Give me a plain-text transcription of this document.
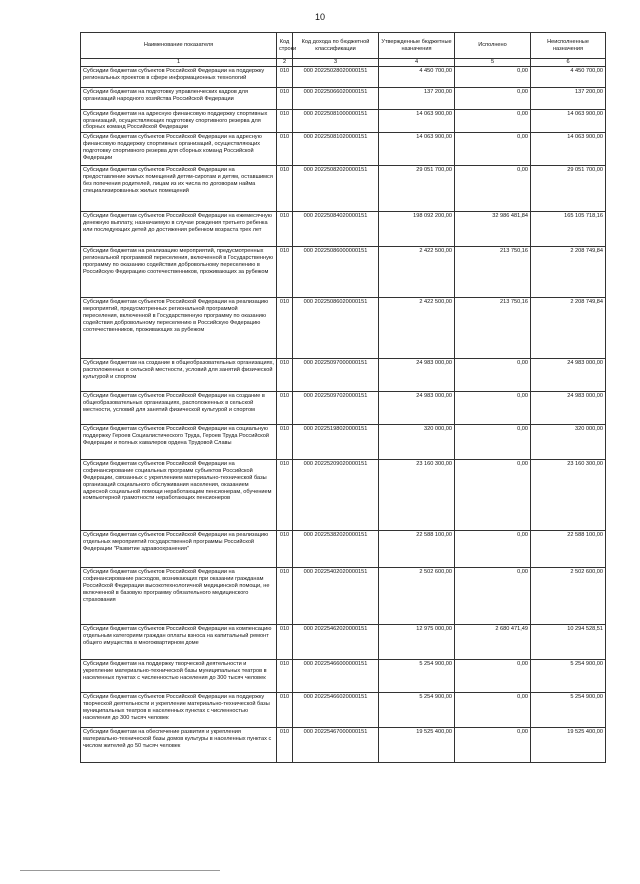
10
Наименование показателя	Код строки	Код дохода по бюджетной классификации	Утвержденные бюджетные назначения	Исполнено	Неисполненные назначения
1	2	3	4	5	6
Субсидии бюджетам субъектов Российской Федерации на поддержку региональных проектов в сфере информационных технологий	010	000 20225028020000151	4 450 700,00	0,00	4 450 700,00
Субсидии бюджетам на подготовку управленческих кадров для организаций народного хозяйства Российской Федерации	010	000 20225066020000151	137 200,00	0,00	137 200,00
Субсидии бюджетам на адресную финансовую поддержку спортивных организаций, осуществляющих подготовку спортивного резерва для сборных команд Российской Федерации	010	000 20225081000000151	14 063 900,00	0,00	14 063 900,00
Субсидии бюджетам субъектов Российской Федерации на адресную финансовую поддержку спортивных организаций, осуществляющих подготовку спортивного резерва для сборных команд Российской Федерации	010	000 20225081020000151	14 063 900,00	0,00	14 063 900,00
Субсидии бюджетам субъектов Российской Федерации на предоставление жилых помещений детям-сиротам и детям, оставшимся без попечения родителей, лицам из их числа по договорам найма специализированных жилых помещений	010	000 20225082020000151	29 051 700,00	0,00	29 051 700,00
Субсидии бюджетам субъектов Российской Федерации на ежемесячную денежную выплату, назначаемую в случае рождения третьего ребенка или последующих детей до достижения ребенком возраста трех лет	010	000 20225084020000151	198 092 200,00	32 986 481,84	165 105 718,16
Субсидии бюджетам на реализацию мероприятий, предусмотренных региональной программой переселения, включенной в Государственную программу по оказанию содействия добровольному переселению в Российскую Федерацию соотечественников, проживающих за рубежом	010	000 20225086000000151	2 422 500,00	213 750,16	2 208 749,84
Субсидии бюджетам субъектов Российской Федерации на реализацию мероприятий, предусмотренных региональной программой переселения, включенной в Государственную программу по оказанию содействия добровольному переселению в Российскую Федерацию соотечественников, проживающих за рубежом	010	000 20225086020000151	2 422 500,00	213 750,16	2 208 749,84
Субсидии бюджетам на создание в общеобразовательных организациях, расположенных в сельской местности, условий для занятий физической культурой и спортом	010	000 20225097000000151	24 983 000,00	0,00	24 983 000,00
Субсидии бюджетам субъектов Российской Федерации на создание в общеобразовательных организациях, расположенных в сельской местности, условий для занятий физической культурой и спортом	010	000 20225097020000151	24 983 000,00	0,00	24 983 000,00
Субсидии бюджетам субъектов Российской Федерации на социальную поддержку Героев Социалистического Труда, Героев Труда Российской Федерации и полных кавалеров ордена Трудовой Славы	010	000 20225198020000151	320 000,00	0,00	320 000,00
Субсидии бюджетам субъектов Российской Федерации на софинансирование социальных программ субъектов Российской Федерации, связанных с укреплением материально-технической базы организаций социального обслуживания населения, оказанием адресной социальной помощи неработающим пенсионерам, обучением компьютерной грамотности неработающих пенсионеров	010	000 20225209020000151	23 160 300,00	0,00	23 160 300,00
Субсидии бюджетам субъектов Российской Федерации на реализацию отдельных мероприятий государственной программы Российской Федерации "Развитие здравоохранения"	010	000 20225382020000151	22 588 100,00	0,00	22 588 100,00
Субсидии бюджетам субъектов Российской Федерации на софинансирование расходов, возникающих при оказании гражданам Российской Федерации высокотехнологичной медицинской помощи, не включенной в базовую программу обязательного медицинского страхования	010	000 20225402020000151	2 502 600,00	0,00	2 502 600,00
Субсидии бюджетам субъектов Российской Федерации на компенсацию отдельным категориям граждан оплаты взноса на капитальный ремонт общего имущества в многоквартирном доме	010	000 20225462020000151	12 975 000,00	2 680 471,49	10 294 528,51
Субсидии бюджетам на поддержку творческой деятельности и укрепление материально-технической базы муниципальных театров в населенных пунктах с численностью населения до 300 тысяч человек	010	000 20225466000000151	5 254 900,00	0,00	5 254 900,00
Субсидии бюджетам субъектов Российской Федерации на поддержку творческой деятельности и укрепление материально-технической базы муниципальных театров в населенных пунктах с численностью населения до 300 тысяч человек	010	000 20225466020000151	5 254 900,00	0,00	5 254 900,00
Субсидии бюджетам на обеспечение развития и укрепления материально-технической базы домов культуры в населенных пунктах с числом жителей до 50 тысяч человек	010	000 20225467000000151	19 525 400,00	0,00	19 525 400,00
